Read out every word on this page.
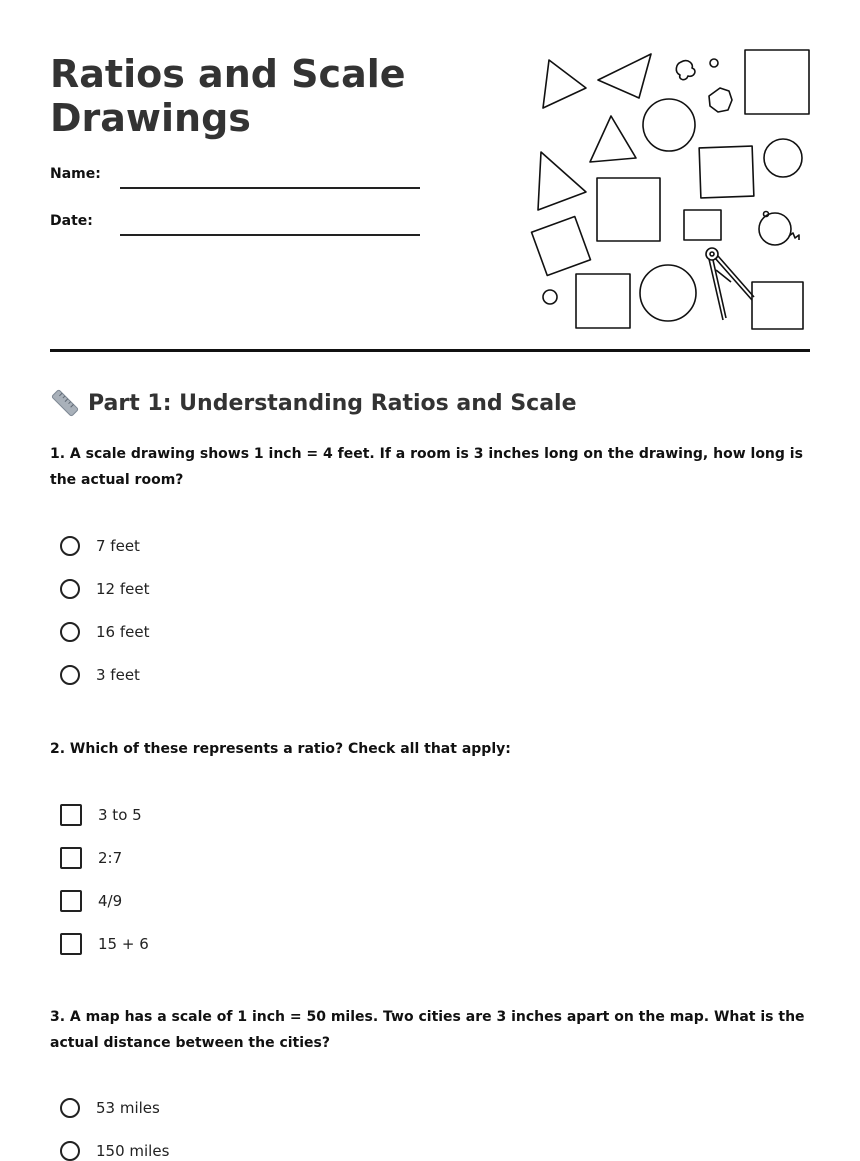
Ratios and Scale
Drawings
Name:
Date:
Part 1: Understanding Ratios and Scale
1. A scale drawing shows 1 inch = 4 feet. If a room is 3 inches long on the drawing, how long is the actual room?
7 feet
12 feet
16 feet
3 feet
2. Which of these represents a ratio? Check all that apply:
3 to 5
2:7
4/9
15 + 6
3. A map has a scale of 1 inch = 50 miles. Two cities are 3 inches apart on the map. What is the actual distance between the cities?
53 miles
150 miles
